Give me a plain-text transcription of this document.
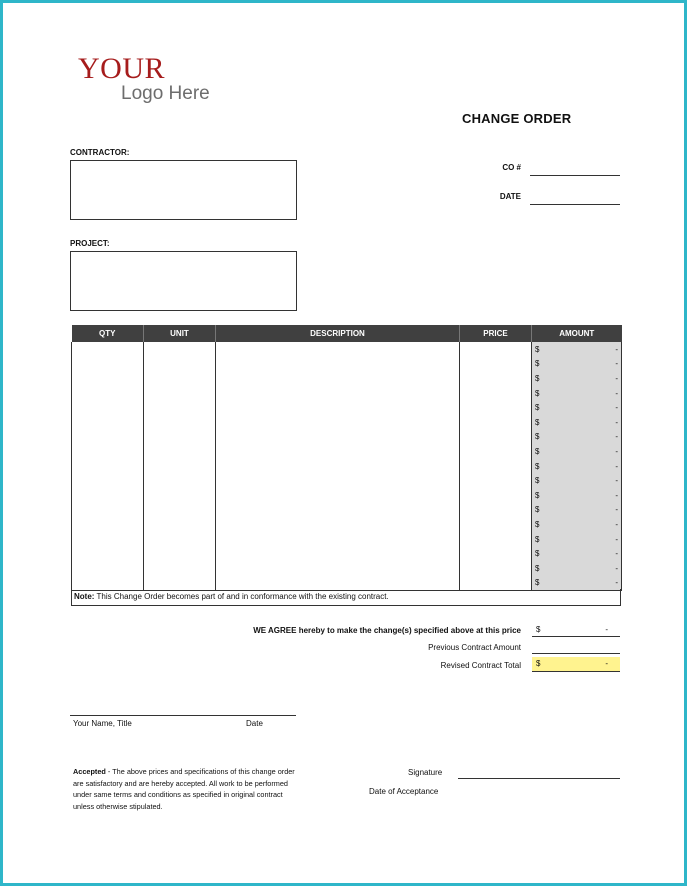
YOUR
Logo Here
CHANGE ORDER
CONTRACTOR:
PROJECT:
CO #
DATE
QTY	UNIT	DESCRIPTION	PRICE	AMOUNT

				$ -

				$ -

				$ -

				$ -

				$ -

				$ -

				$ -

				$ -

				$ -

				$ -

				$ -

				$ -

				$ -

				$ -

				$ -

				$ -

				$ -
Note: This Change Order becomes part of and in conformance with the existing contract.
WE AGREE hereby to make the change(s) specified above at this price $	-
Previous Contract Amount
Revised Contract Total $	-
Your Name, Title	Date
Accepted - The above prices and specifications of this change order are satisfactory and are hereby accepted. All work to be performed under same terms and conditions as specified in original contract unless otherwise stipulated.
Signature
Date of Acceptance
